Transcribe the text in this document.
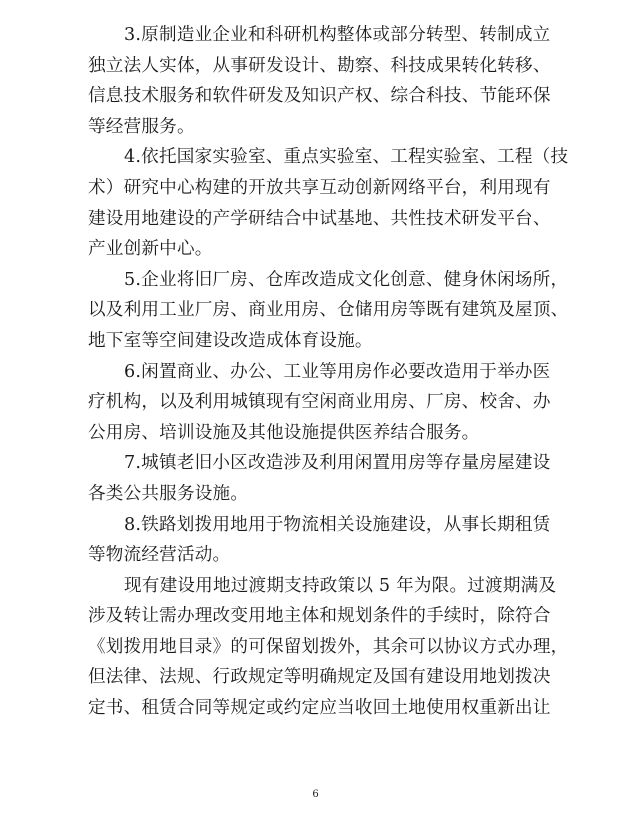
3.原制造业企业和科研机构整体或部分转型、转制成立
独立法人实体，从事研发设计、勘察、科技成果转化转移、
信息技术服务和软件研发及知识产权、综合科技、节能环保
等经营服务。

4.依托国家实验室、重点实验室、工程实验室、工程（技
术）研究中心构建的开放共享互动创新网络平台，利用现有
建设用地建设的产学研结合中试基地、共性技术研发平台、
产业创新中心。

5.企业将旧厂房、仓库改造成文化创意、健身休闲场所，
以及利用工业厂房、商业用房、仓储用房等既有建筑及屋顶、
地下室等空间建设改造成体育设施。

6.闲置商业、办公、工业等用房作必要改造用于举办医
疗机构，以及利用城镇现有空闲商业用房、厂房、校舍、办
公用房、培训设施及其他设施提供医养结合服务。

7.城镇老旧小区改造涉及利用闲置用房等存量房屋建设
各类公共服务设施。

8.铁路划拨用地用于物流相关设施建设，从事长期租赁
等物流经营活动。

现有建设用地过渡期支持政策以 5 年为限。过渡期满及
涉及转让需办理改变用地主体和规划条件的手续时，除符合
《划拨用地目录》的可保留划拨外，其余可以协议方式办理，
但法律、法规、行政规定等明确规定及国有建设用地划拨决
定书、租赁合同等规定或约定应当收回土地使用权重新出让

6
